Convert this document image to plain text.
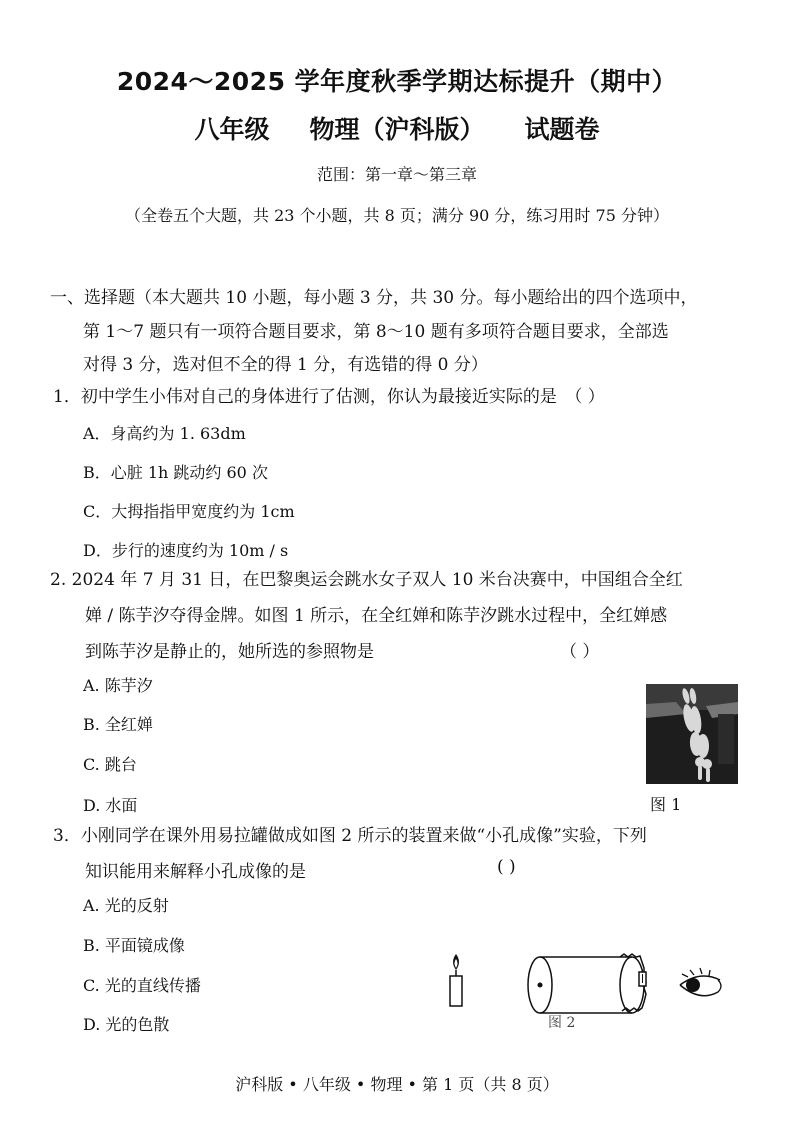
2024～2025 学年度秋季学期达标提升（期中）
八年级 物理（沪科版） 试题卷
范围：第一章～第三章
（全卷五个大题，共 23 个小题，共 8 页；满分 90 分，练习用时 75 分钟）
一、选择题（本大题共 10 小题，每小题 3 分，共 30 分。每小题给出的四个选项中，
第 1～7 题只有一项符合题目要求，第 8～10 题有多项符合题目要求，全部选
对得 3 分，选对但不全的得 1 分，有选错的得 0 分）
1．初中学生小伟对自己的身体进行了估测，你认为最接近实际的是　（ ）
A．身高约为 1. 63dm
B．心脏 1h 跳动约 60 次
C．大拇指指甲宽度约为 1cm
D．步行的速度约为 10m / s
2. 2024 年 7 月 31 日，在巴黎奥运会跳水女子双人 10 米台决赛中，中国组合全红
婵 / 陈芋汐夺得金牌。如图 1 所示，在全红婵和陈芋汐跳水过程中，全红婵感
到陈芋汐是静止的，她所选的参照物是	（ ）
A. 陈芋汐
B. 全红婵
C. 跳台
D. 水面	图 1
3．小刚同学在课外用易拉罐做成如图 2 所示的装置来做“小孔成像”实验，下列
知识能用来解释小孔成像的是	( )
A. 光的反射
B. 平面镜成像
C. 光的直线传播
D. 光的色散	图 2
沪科版 • 八年级 • 物理 • 第 1 页（共 8 页）
